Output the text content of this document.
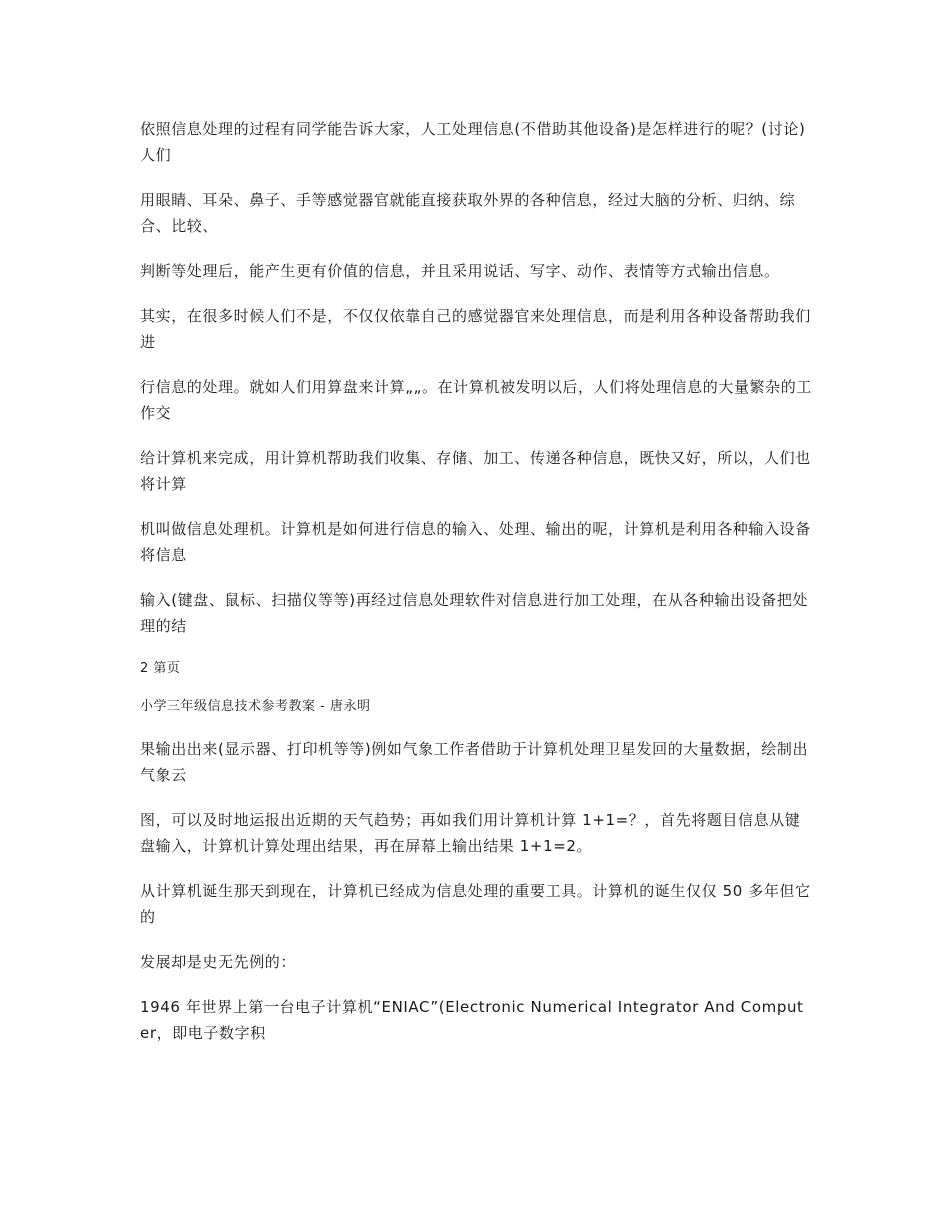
依照信息处理的过程有同学能告诉大家，人工处理信息(不借助其他设备)是怎样进行的呢？(讨论)人们

用眼睛、耳朵、鼻子、手等感觉器官就能直接获取外界的各种信息，经过大脑的分析、归纳、综合、比较、

判断等处理后，能产生更有价值的信息，并且采用说话、写字、动作、表情等方式输出信息。

其实，在很多时候人们不是，不仅仅依靠自己的感觉器官来处理信息，而是利用各种设备帮助我们进

行信息的处理。就如人们用算盘来计算„„。在计算机被发明以后，人们将处理信息的大量繁杂的工作交

给计算机来完成，用计算机帮助我们收集、存储、加工、传递各种信息，既快又好，所以，人们也将计算

机叫做信息处理机。计算机是如何进行信息的输入、处理、输出的呢，计算机是利用各种输入设备将信息

输入(键盘、鼠标、扫描仪等等)再经过信息处理软件对信息进行加工处理，在从各种输出设备把处理的结

2 第页
小学三年级信息技术参考教案 - 唐永明

果输出出来(显示器、打印机等等)例如气象工作者借助于计算机处理卫星发回的大量数据，绘制出气象云

图，可以及时地运报出近期的天气趋势；再如我们用计算机计算 1+1=？，首先将题目信息从键盘输入，计算机计算处理出结果，再在屏幕上输出结果 1+1=2。

从计算机诞生那天到现在，计算机已经成为信息处理的重要工具。计算机的诞生仅仅 50 多年但它的

发展却是史无先例的：

1946 年世界上第一台电子计算机“ENIAC”(Electronic Numerical Integrator And Computer，即电子数字积
